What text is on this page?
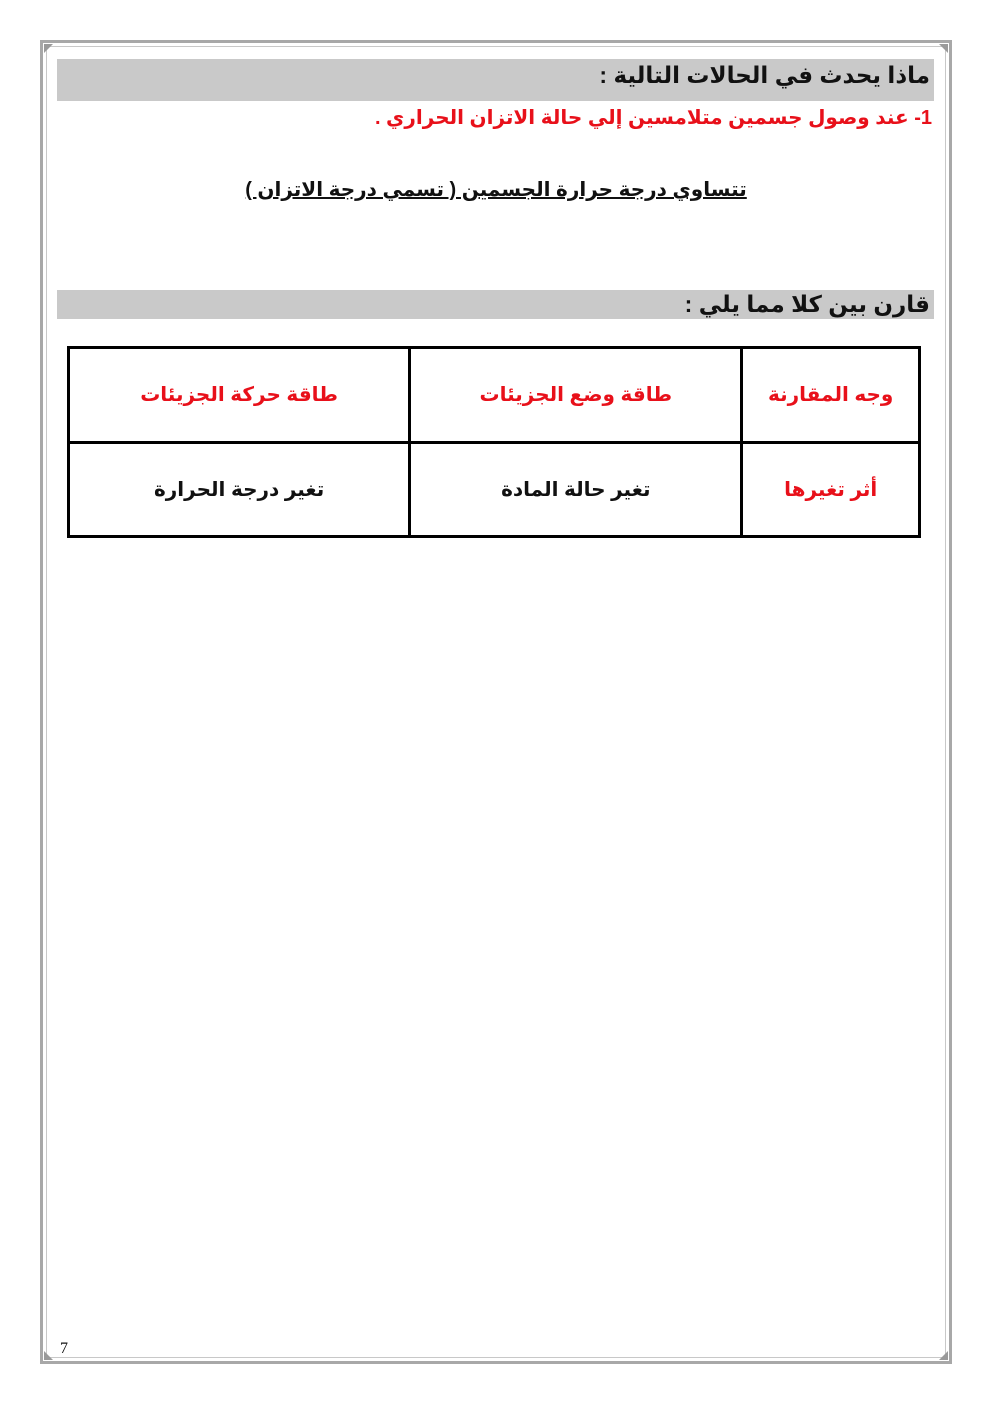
ماذا يحدث في الحالات التالية :
1- عند وصول جسمين متلامسين إلي حالة الاتزان الحراري .
تتساوي درجة حرارة الجسمين ( تسمي درجة الاتزان )
قارن بين كلا مما يلي :
وجه المقارنة	طاقة وضع الجزيئات	طاقة حركة الجزيئات
أثر تغيرها	تغير حالة المادة	تغير درجة الحرارة
7
